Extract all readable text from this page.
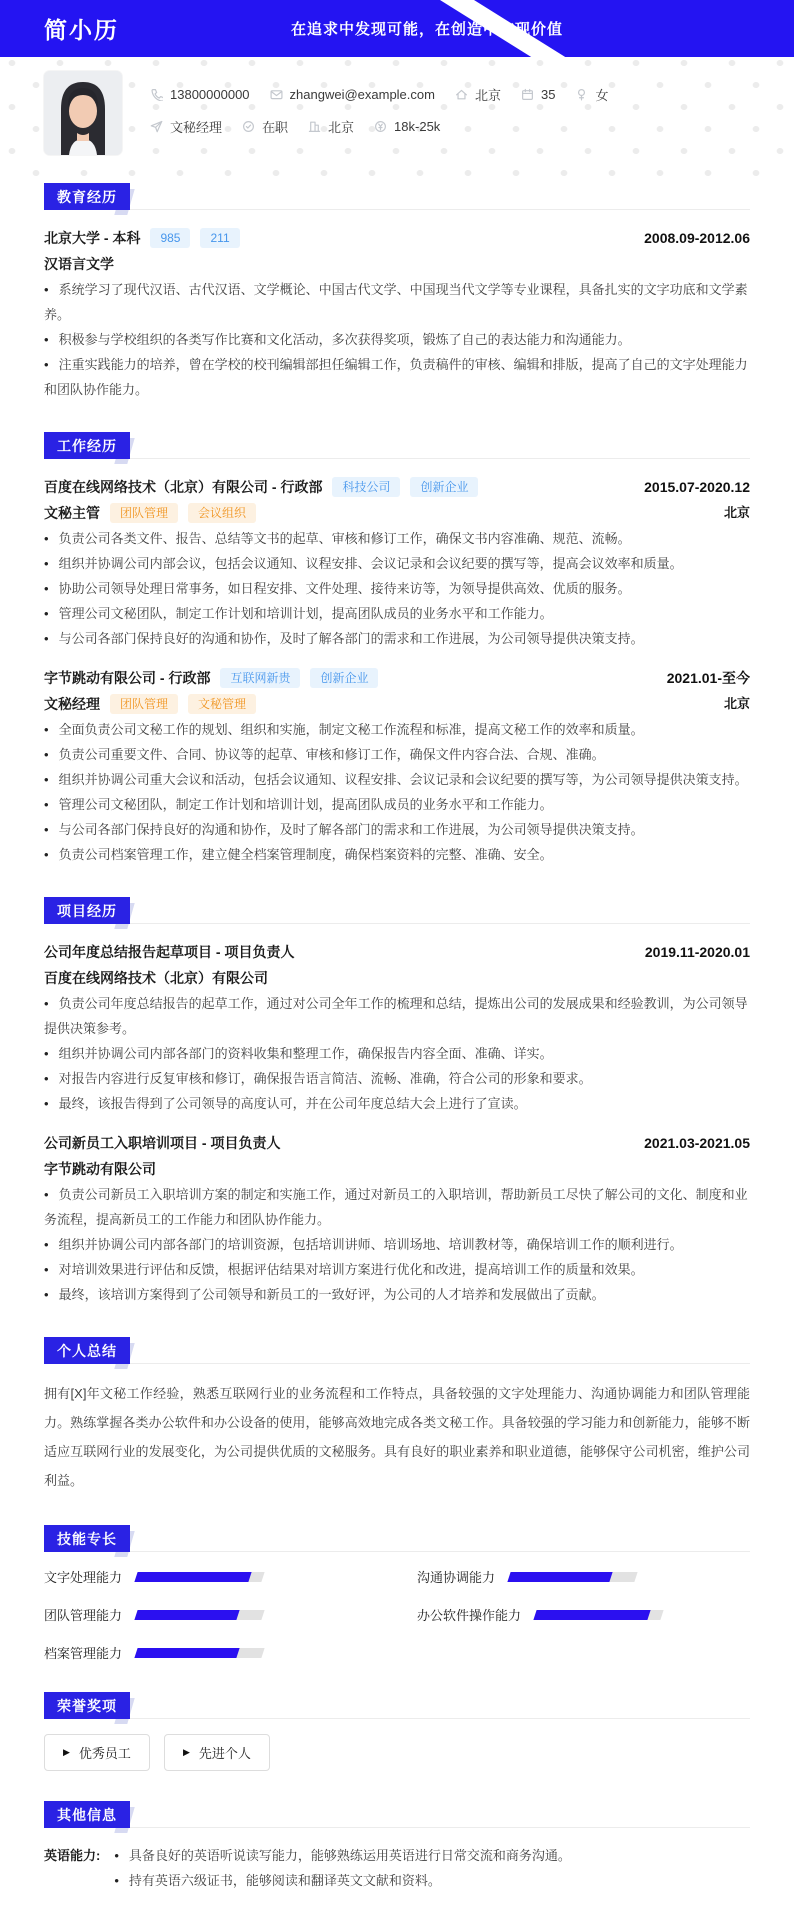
简小历	在追求中发现可能，在创造中实现价值
13800000000	zhangwei@example.com	北京	35	女
文秘经理	在职	北京	18k-25k
教育经历
北京大学 - 本科	985	211	2008.09-2012.06
汉语言文学

• 系统学习了现代汉语、古代汉语、文学概论、中国古代文学、中国现当代文学等专业课程，具备扎实的文字功底和文学素养。

• 积极参与学校组织的各类写作比赛和文化活动，多次获得奖项，锻炼了自己的表达能力和沟通能力。

• 注重实践能力的培养，曾在学校的校刊编辑部担任编辑工作，负责稿件的审核、编辑和排版，提高了自己的文字处理能力和团队协作能力。

工作经历
百度在线网络技术（北京）有限公司 - 行政部	科技公司	创新企业	2015.07-2020.12
文秘主管	团队管理	会议组织	北京

• 负责公司各类文件、报告、总结等文书的起草、审核和修订工作，确保文书内容准确、规范、流畅。

• 组织并协调公司内部会议，包括会议通知、议程安排、会议记录和会议纪要的撰写等，提高会议效率和质量。

• 协助公司领导处理日常事务，如日程安排、文件处理、接待来访等，为领导提供高效、优质的服务。

• 管理公司文秘团队，制定工作计划和培训计划，提高团队成员的业务水平和工作能力。

• 与公司各部门保持良好的沟通和协作，及时了解各部门的需求和工作进展，为公司领导提供决策支持。

字节跳动有限公司 - 行政部	互联网新贵	创新企业	2021.01-至今
文秘经理	团队管理	文秘管理	北京

• 全面负责公司文秘工作的规划、组织和实施，制定文秘工作流程和标准，提高文秘工作的效率和质量。

• 负责公司重要文件、合同、协议等的起草、审核和修订工作，确保文件内容合法、合规、准确。

• 组织并协调公司重大会议和活动，包括会议通知、议程安排、会议记录和会议纪要的撰写等，为公司领导提供决策支持。

• 管理公司文秘团队，制定工作计划和培训计划，提高团队成员的业务水平和工作能力。

• 与公司各部门保持良好的沟通和协作，及时了解各部门的需求和工作进展，为公司领导提供决策支持。

• 负责公司档案管理工作，建立健全档案管理制度，确保档案资料的完整、准确、安全。

项目经历
公司年度总结报告起草项目 - 项目负责人	2019.11-2020.01
百度在线网络技术（北京）有限公司

• 负责公司年度总结报告的起草工作，通过对公司全年工作的梳理和总结，提炼出公司的发展成果和经验教训，为公司领导提供决策参考。

• 组织并协调公司内部各部门的资料收集和整理工作，确保报告内容全面、准确、详实。

• 对报告内容进行反复审核和修订，确保报告语言简洁、流畅、准确，符合公司的形象和要求。

• 最终，该报告得到了公司领导的高度认可，并在公司年度总结大会上进行了宣读。

公司新员工入职培训项目 - 项目负责人	2021.03-2021.05
字节跳动有限公司

• 负责公司新员工入职培训方案的制定和实施工作，通过对新员工的入职培训，帮助新员工尽快了解公司的文化、制度和业务流程，提高新员工的工作能力和团队协作能力。

• 组织并协调公司内部各部门的培训资源，包括培训讲师、培训场地、培训教材等，确保培训工作的顺利进行。

• 对培训效果进行评估和反馈，根据评估结果对培训方案进行优化和改进，提高培训工作的质量和效果。

• 最终，该培训方案得到了公司领导和新员工的一致好评，为公司的人才培养和发展做出了贡献。

个人总结

拥有[X]年文秘工作经验，熟悉互联网行业的业务流程和工作特点，具备较强的文字处理能力、沟通协调能力和团队管理能力。熟练掌握各类办公软件和办公设备的使用，能够高效地完成各类文秘工作。具备较强的学习能力和创新能力，能够不断适应互联网行业的发展变化，为公司提供优质的文秘服务。具有良好的职业素养和职业道德，能够保守公司机密，维护公司利益。

技能专长
文字处理能力	沟通协调能力
团队管理能力	办公软件操作能力
档案管理能力
荣誉奖项
▶ 优秀员工	▶ 先进个人
其他信息
英语能力:	• 具备良好的英语听说读写能力，能够熟练运用英语进行日常交流和商务沟通。

• 持有英语六级证书，能够阅读和翻译英文文献和资料。
